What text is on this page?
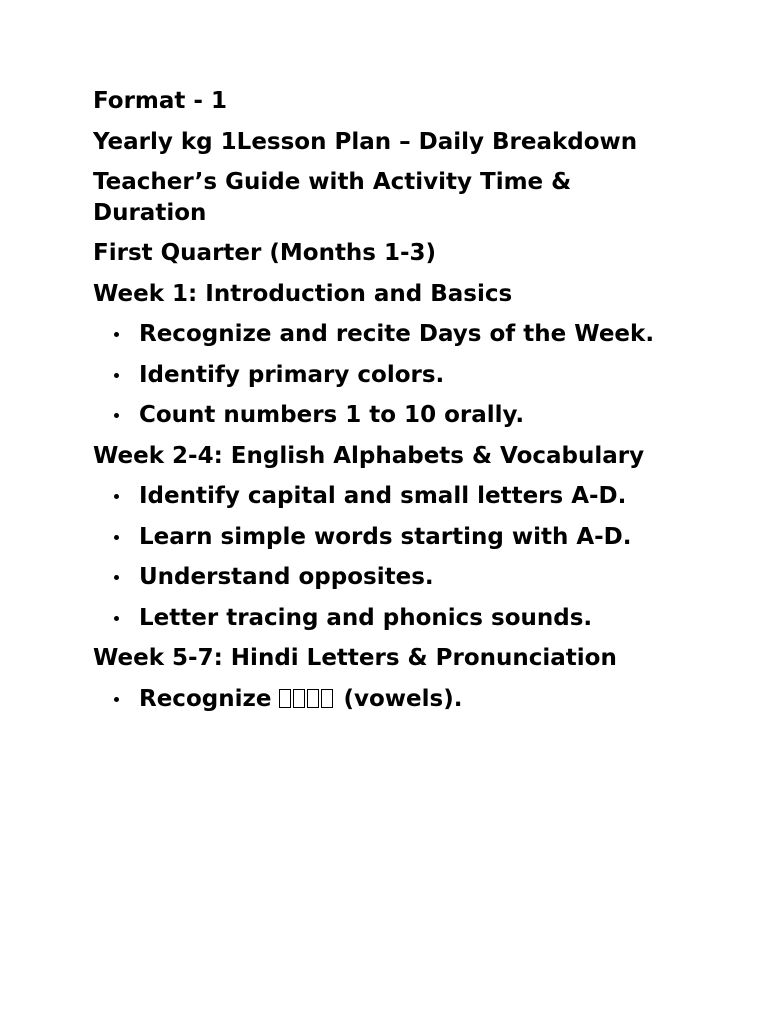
Format - 1

Yearly kg 1Lesson Plan – Daily Breakdown

Teacher’s Guide with Activity Time & Duration

First Quarter (Months 1-3)

Week 1: Introduction and Basics

Recognize and recite Days of the Week.
Identify primary colors.
Count numbers 1 to 10 orally.

Week 2-4: English Alphabets & Vocabulary

Identify capital and small letters A-D.
Learn simple words starting with A-D.
Understand opposites.
Letter tracing and phonics sounds.

Week 5-7: Hindi Letters & Pronunciation

Recognize	(vowels).
